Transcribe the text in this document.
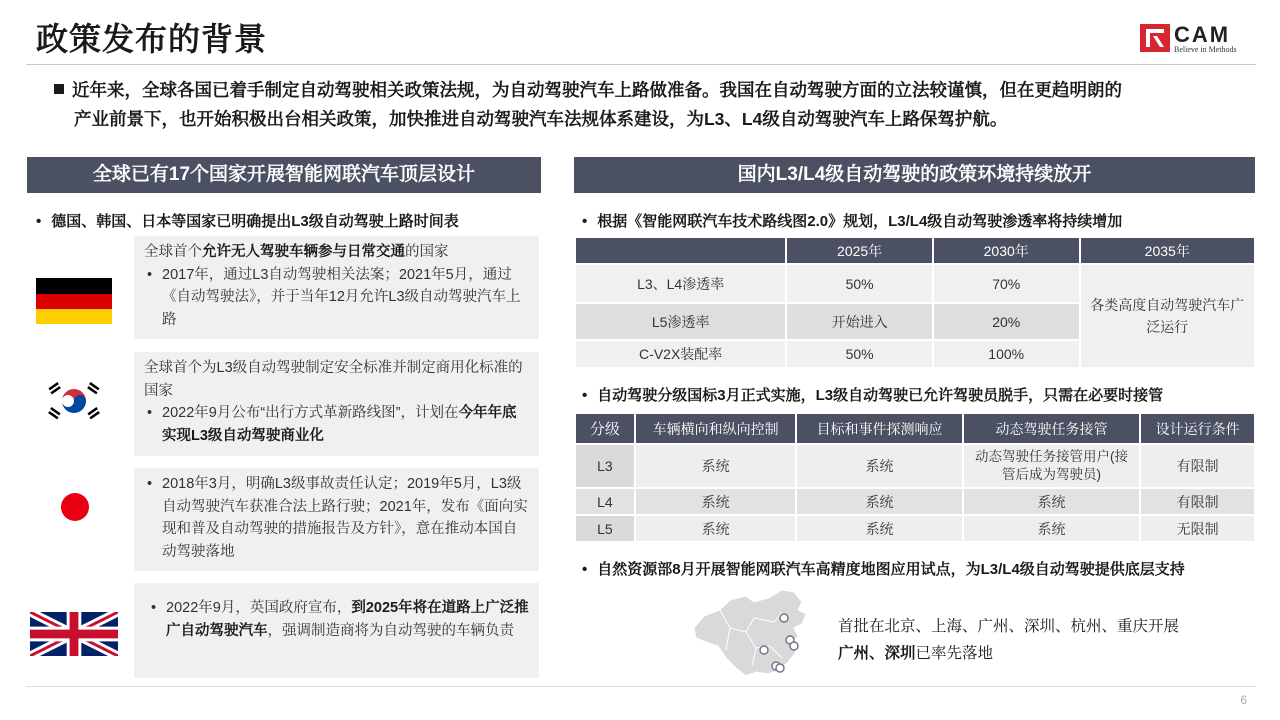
政策发布的背景	CAM
Believe in Methods
近年来，全球各国已着手制定自动驾驶相关政策法规，为自动驾驶汽车上路做准备。我国在自动驾驶方面的立法较谨慎，但在更趋明朗的
产业前景下，也开始积极出台相关政策，加快推进自动驾驶汽车法规体系建设，为L3、L4级自动驾驶汽车上路保驾护航。
全球已有17个国家开展智能网联汽车顶层设计
• 德国、韩国、日本等国家已明确提出L3级自动驾驶上路时间表
全球首个允许无人驾驶车辆参与日常交通的国家
• 2017年，通过L3自动驾驶相关法案；2021年5月，通过《自动驾驶法》，并于当年12月允许L3级自动驾驶汽车上路
全球首个为L3级自动驾驶制定安全标准并制定商用化标准的国家
• 2022年9月公布“出行方式革新路线图”，计划在今年年底实现L3级自动驾驶商业化
• 2018年3月，明确L3级事故责任认定；2019年5月，L3级自动驾驶汽车获准合法上路行驶；2021年，发布《面向实现和普及自动驾驶的措施报告及方针》，意在推动本国自动驾驶落地
• 2022年9月，英国政府宣布，到2025年将在道路上广泛推广自动驾驶汽车，强调制造商将为自动驾驶的车辆负责
国内L3/L4级自动驾驶的政策环境持续放开
• 根据《智能网联汽车技术路线图2.0》规划，L3/L4级自动驾驶渗透率将持续增加
	2025年	2030年	2035年
L3、L4渗透率	50%	70%	各类高度自动驾驶汽车广泛运行
L5渗透率	开始进入	20%	
C-V2X装配率	50%	100%	
• 自动驾驶分级国标3月正式实施，L3级自动驾驶已允许驾驶员脱手，只需在必要时接管
分级	车辆横向和纵向控制	目标和事件探测响应	动态驾驶任务接管	设计运行条件
L3	系统	系统	动态驾驶任务接管用户(接管后成为驾驶员)	有限制
L4	系统	系统	系统	有限制
L5	系统	系统	系统	无限制
• 自然资源部8月开展智能网联汽车高精度地图应用试点，为L3/L4级自动驾驶提供底层支持
首批在北京、上海、广州、深圳、杭州、重庆开展
广州、深圳已率先落地
6
